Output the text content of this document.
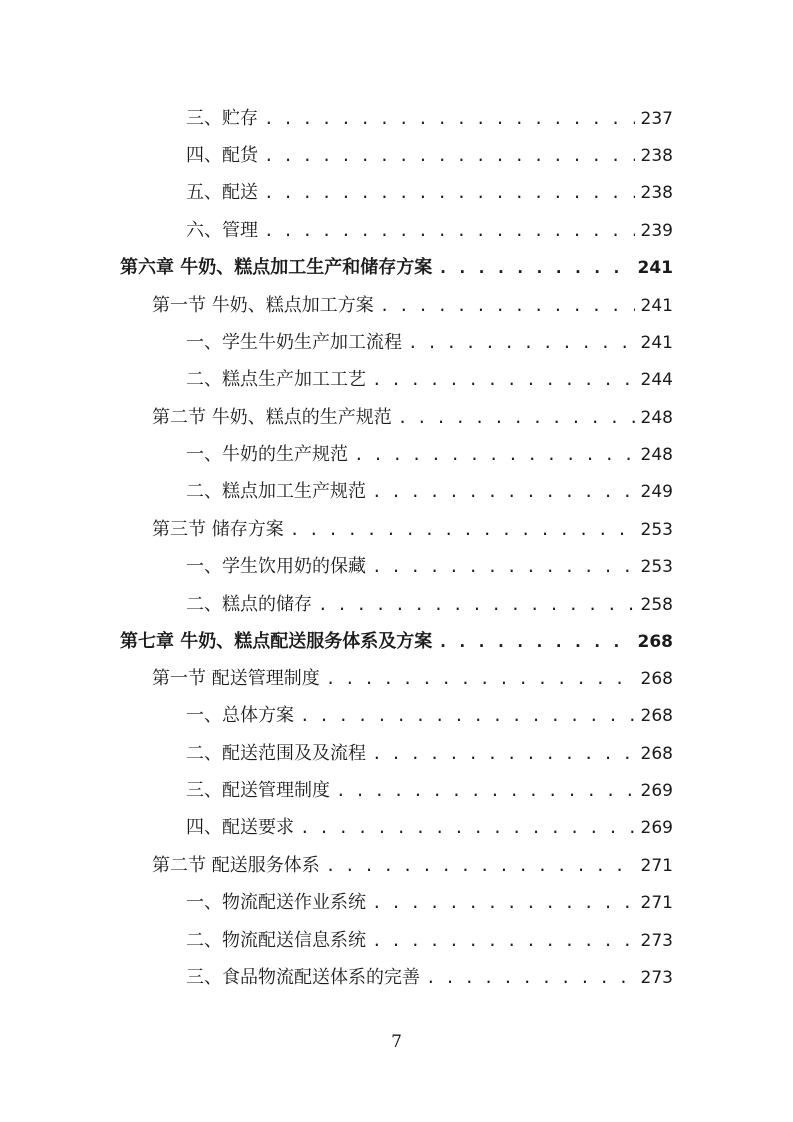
三、贮存 . . .	237
四、配货 . . .	238
五、配送 . . .	238
六、管理 . . .	239
第六章 牛奶、糕点加工生产和储存方案 . . .	241
第一节 牛奶、糕点加工方案 . . .	241
一、学生牛奶生产加工流程 . . .	241
二、糕点生产加工工艺 . . .	244
第二节 牛奶、糕点的生产规范 . . .	248
一、牛奶的生产规范 . . .	248
二、糕点加工生产规范 . . .	249
第三节 储存方案 . . .	253
一、学生饮用奶的保藏 . . .	253
二、糕点的储存 . . .	258
第七章 牛奶、糕点配送服务体系及方案 . . .	268
第一节 配送管理制度 . . .	268
一、总体方案 . . .	268
二、配送范围及及流程 . . .	268
三、配送管理制度 . . .	269
四、配送要求 . . .	269
第二节 配送服务体系 . . .	271
一、物流配送作业系统 . . .	271
二、物流配送信息系统 . . .	273
三、食品物流配送体系的完善 . . .	273
7
